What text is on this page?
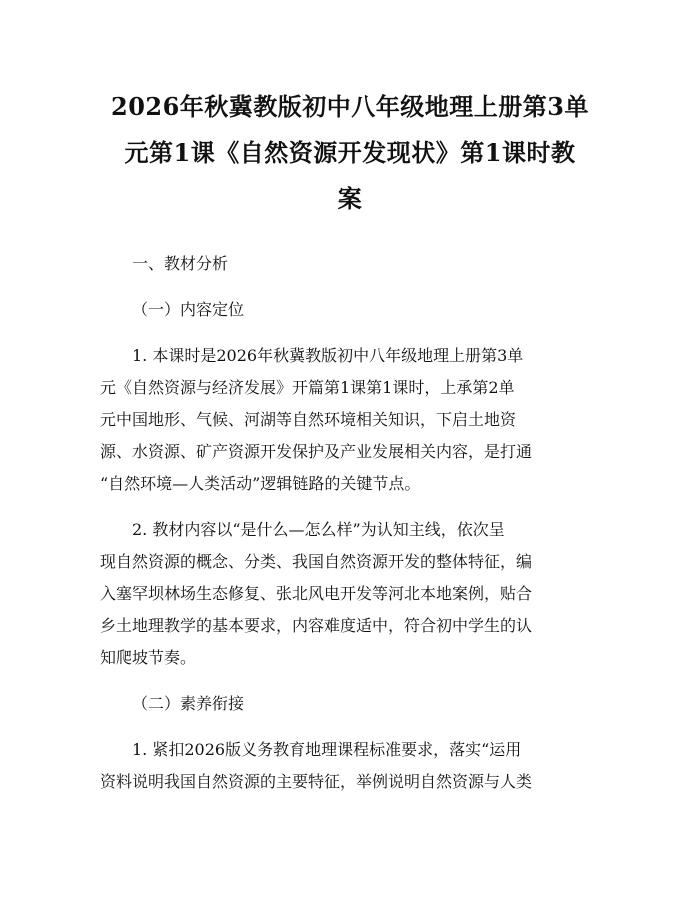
2026年秋冀教版初中八年级地理上册第3单
元第1课《自然资源开发现状》第1课时教
案

一、教材分析

（一）内容定位

1. 本课时是2026年秋冀教版初中八年级地理上册第3单
元《自然资源与经济发展》开篇第1课第1课时，上承第2单
元中国地形、气候、河湖等自然环境相关知识，下启土地资
源、水资源、矿产资源开发保护及产业发展相关内容，是打通
“自然环境—人类活动”逻辑链路的关键节点。

2. 教材内容以“是什么—怎么样”为认知主线，依次呈
现自然资源的概念、分类、我国自然资源开发的整体特征，编
入塞罕坝林场生态修复、张北风电开发等河北本地案例，贴合
乡土地理教学的基本要求，内容难度适中，符合初中学生的认
知爬坡节奏。

（二）素养衔接

1. 紧扣2026版义务教育地理课程标准要求，落实“运用
资料说明我国自然资源的主要特征，举例说明自然资源与人类
